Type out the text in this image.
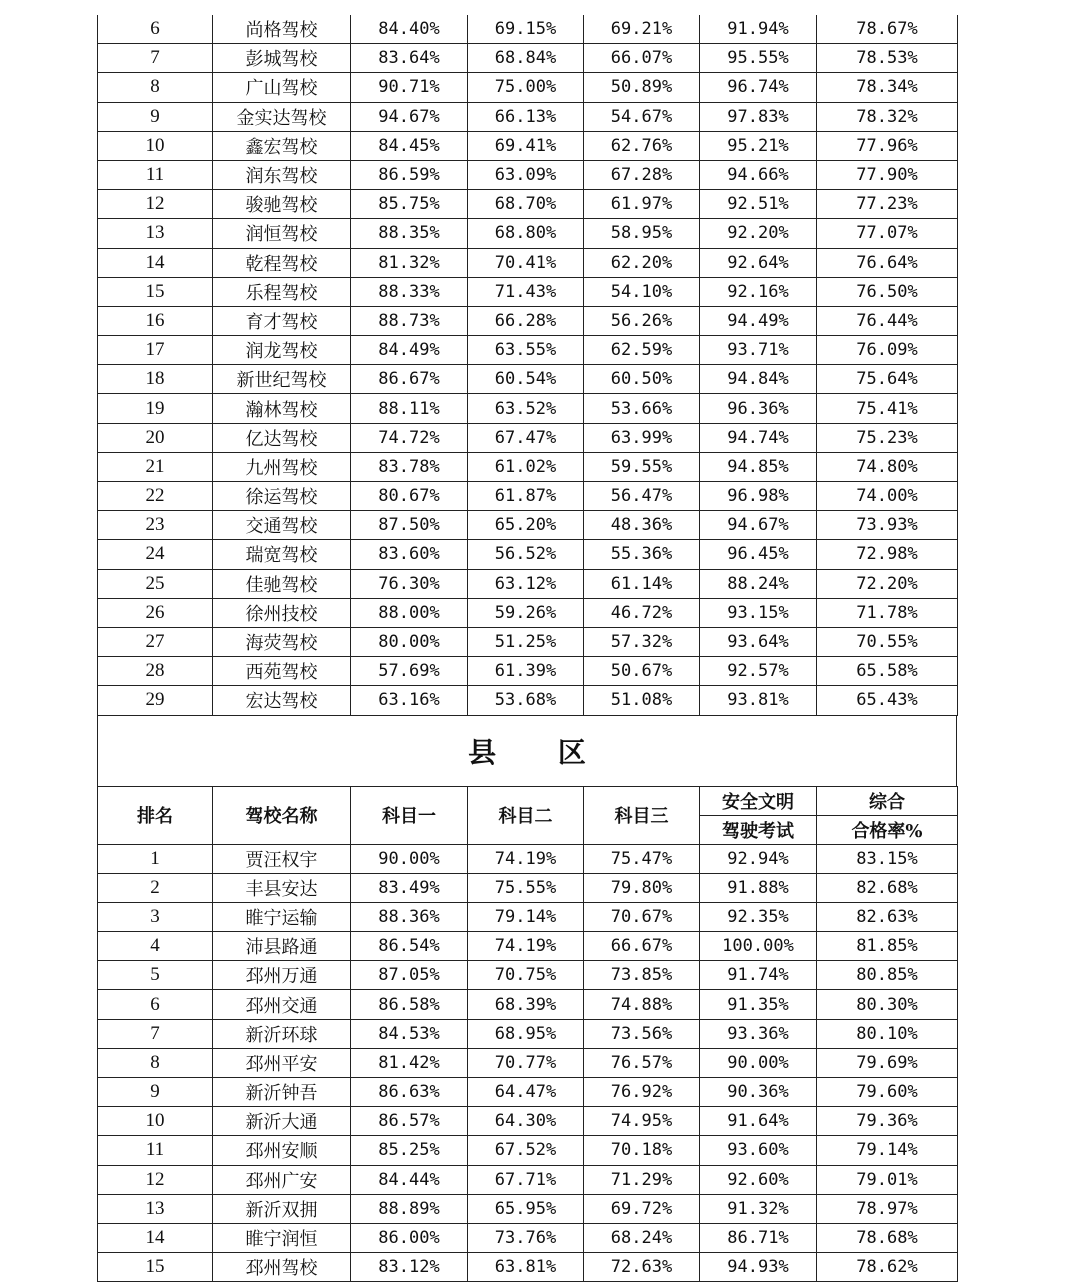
6	尚格驾校	84.40%	69.15%	69.21%	91.94%	78.67%
7	彭城驾校	83.64%	68.84%	66.07%	95.55%	78.53%
8	广山驾校	90.71%	75.00%	50.89%	96.74%	78.34%
9	金实达驾校	94.67%	66.13%	54.67%	97.83%	78.32%
10	鑫宏驾校	84.45%	69.41%	62.76%	95.21%	77.96%
11	润东驾校	86.59%	63.09%	67.28%	94.66%	77.90%
12	骏驰驾校	85.75%	68.70%	61.97%	92.51%	77.23%
13	润恒驾校	88.35%	68.80%	58.95%	92.20%	77.07%
14	乾程驾校	81.32%	70.41%	62.20%	92.64%	76.64%
15	乐程驾校	88.33%	71.43%	54.10%	92.16%	76.50%
16	育才驾校	88.73%	66.28%	56.26%	94.49%	76.44%
17	润龙驾校	84.49%	63.55%	62.59%	93.71%	76.09%
18	新世纪驾校	86.67%	60.54%	60.50%	94.84%	75.64%
19	瀚林驾校	88.11%	63.52%	53.66%	96.36%	75.41%
20	亿达驾校	74.72%	67.47%	63.99%	94.74%	75.23%
21	九州驾校	83.78%	61.02%	59.55%	94.85%	74.80%
22	徐运驾校	80.67%	61.87%	56.47%	96.98%	74.00%
23	交通驾校	87.50%	65.20%	48.36%	94.67%	73.93%
24	瑞宽驾校	83.60%	56.52%	55.36%	96.45%	72.98%
25	佳驰驾校	76.30%	63.12%	61.14%	88.24%	72.20%
26	徐州技校	88.00%	59.26%	46.72%	93.15%	71.78%
27	海荧驾校	80.00%	51.25%	57.32%	93.64%	70.55%
28	西苑驾校	57.69%	61.39%	50.67%	92.57%	65.58%
29	宏达驾校	63.16%	53.68%	51.08%	93.81%	65.43%
县 区
排名	驾校名称	科目一	科目二	科目三	安全文明	综合
					驾驶考试	合格率%
1	贾汪权宇	90.00%	74.19%	75.47%	92.94%	83.15%
2	丰县安达	83.49%	75.55%	79.80%	91.88%	82.68%
3	睢宁运输	88.36%	79.14%	70.67%	92.35%	82.63%
4	沛县路通	86.54%	74.19%	66.67%	100.00%	81.85%
5	邳州万通	87.05%	70.75%	73.85%	91.74%	80.85%
6	邳州交通	86.58%	68.39%	74.88%	91.35%	80.30%
7	新沂环球	84.53%	68.95%	73.56%	93.36%	80.10%
8	邳州平安	81.42%	70.77%	76.57%	90.00%	79.69%
9	新沂钟吾	86.63%	64.47%	76.92%	90.36%	79.60%
10	新沂大通	86.57%	64.30%	74.95%	91.64%	79.36%
11	邳州安顺	85.25%	67.52%	70.18%	93.60%	79.14%
12	邳州广安	84.44%	67.71%	71.29%	92.60%	79.01%
13	新沂双拥	88.89%	65.95%	69.72%	91.32%	78.97%
14	睢宁润恒	86.00%	73.76%	68.24%	86.71%	78.68%
15	邳州驾校	83.12%	63.81%	72.63%	94.93%	78.62%
